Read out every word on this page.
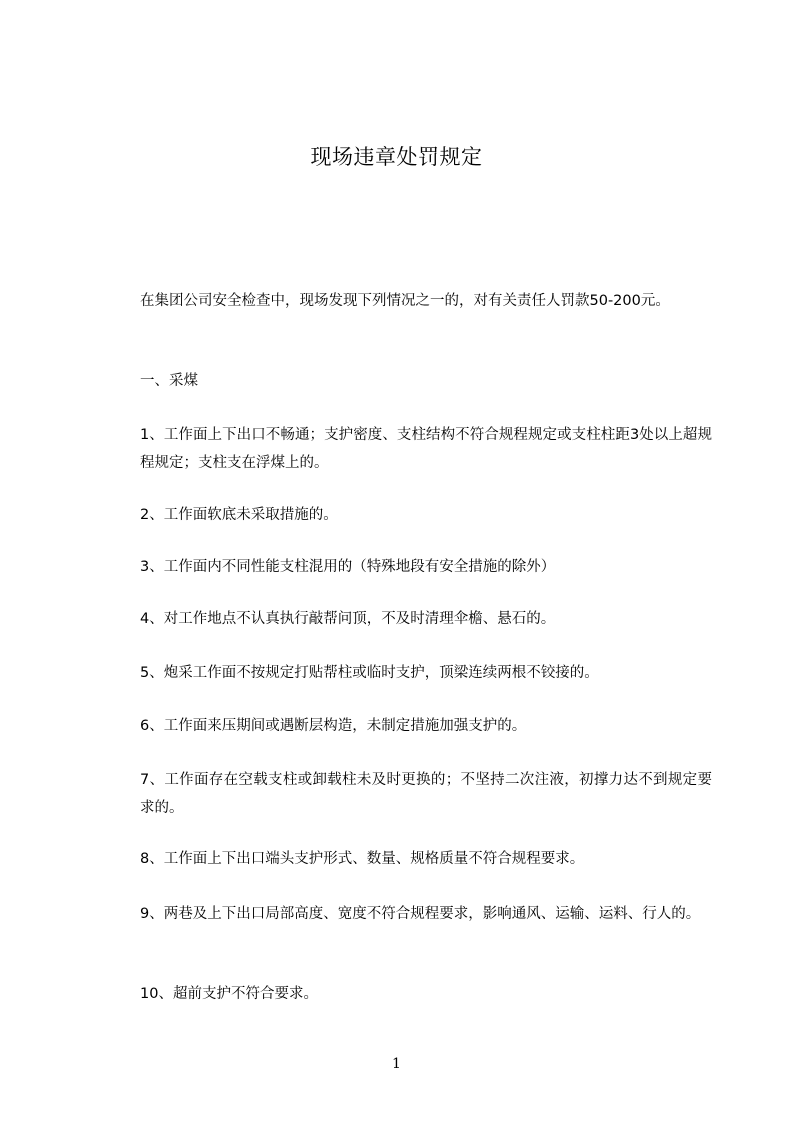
现场违章处罚规定
在集团公司安全检查中，现场发现下列情况之一的，对有关责任人罚款50-200元。
一、采煤
1、工作面上下出口不畅通；支护密度、支柱结构不符合规程规定或支柱柱距3处以上超规程规定；支柱支在浮煤上的。
2、工作面软底未采取措施的。
3、工作面内不同性能支柱混用的（特殊地段有安全措施的除外）
4、对工作地点不认真执行敲帮问顶，不及时清理伞檐、悬石的。
5、炮采工作面不按规定打贴帮柱或临时支护，顶梁连续两根不铰接的。
6、工作面来压期间或遇断层构造，未制定措施加强支护的。
7、工作面存在空载支柱或卸载柱未及时更换的；不坚持二次注液，初撑力达不到规定要求的。
8、工作面上下出口端头支护形式、数量、规格质量不符合规程要求。
9、两巷及上下出口局部高度、宽度不符合规程要求，影响通风、运输、运料、行人的。
10、超前支护不符合要求。
1
